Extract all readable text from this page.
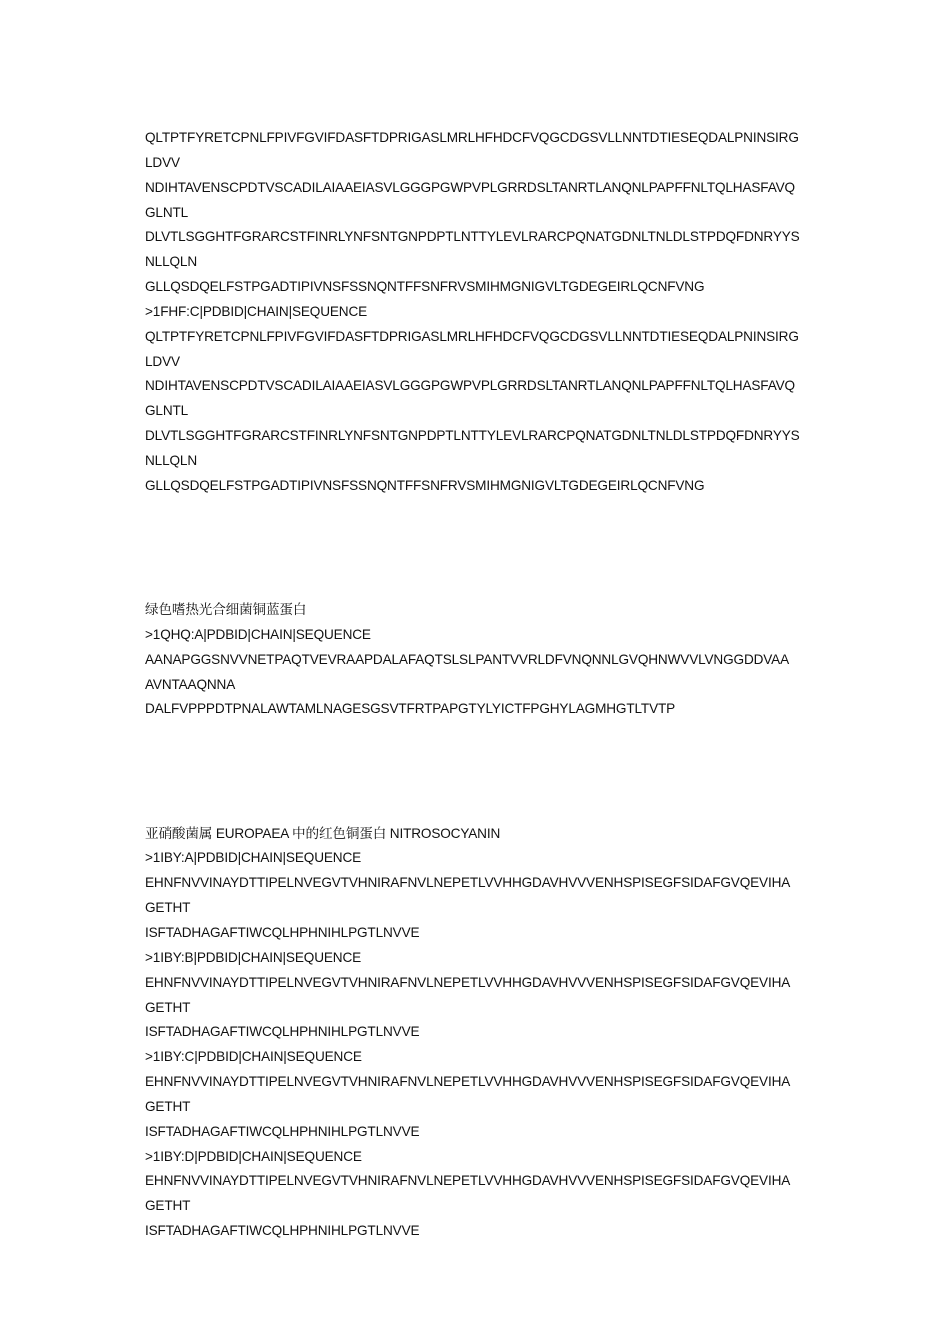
QLTPTFYRETCPNLFPIVFGVIFDASFTDPRIGASLMRLHFHDCFVQGCDGSVLLNNTDTIESEQDALPNINSIRG
LDVV
NDIHTAVENSCPDTVSCADILAIAAEIASVLGGGPGWPVPLGRRDSLTANRTLANQNLPAPFFNLTQLHASFAVQ
GLNTL
DLVTLSGGHTFGRARCSTFINRLYNFSNTGNPDPTLNTTYLEVLRARCPQNATGDNLTNLDLSTPDQFDNRYYS
NLLQLN
GLLQSDQELFSTPGADTIPIVNSFSSNQNTFFSNFRVSMIHMGNIGVLTGDEGEIRLQCNFVNG
>1FHF:C|PDBID|CHAIN|SEQUENCE
QLTPTFYRETCPNLFPIVFGVIFDASFTDPRIGASLMRLHFHDCFVQGCDGSVLLNNTDTIESEQDALPNINSIRG
LDVV
NDIHTAVENSCPDTVSCADILAIAAEIASVLGGGPGWPVPLGRRDSLTANRTLANQNLPAPFFNLTQLHASFAVQ
GLNTL
DLVTLSGGHTFGRARCSTFINRLYNFSNTGNPDPTLNTTYLEVLRARCPQNATGDNLTNLDLSTPDQFDNRYYS
NLLQLN
GLLQSDQELFSTPGADTIPIVNSFSSNQNTFFSNFRVSMIHMGNIGVLTGDEGEIRLQCNFVNG
绿色嗜热光合细菌铜蓝蛋白
>1QHQ:A|PDBID|CHAIN|SEQUENCE
AANAPGGSNVVNETPAQTVEVRAAPDALAFAQTSLSLPANTVVRLDFVNQNNLGVQHNWVVLVNGGDDVAA
AVNTAAQNNA
DALFVPPPDTPNALAWTAMLNAGESGSVTFRTPAPGTYLYICTFPGHYLAGMHGTLTVTP
亚硝酸菌属 EUROPAEA 中的红色铜蛋白 NITROSOCYANIN
>1IBY:A|PDBID|CHAIN|SEQUENCE
EHNFNVVINAYDTTIPELNVEGVTVHNIRAFNVLNEPETLVVHHGDAVHVVVENHSPISEGFSIDAFGVQEVIHA
GETHT
ISFTADHAGAFTIWCQLHPHNIHLPGTLNVVE
>1IBY:B|PDBID|CHAIN|SEQUENCE
EHNFNVVINAYDTTIPELNVEGVTVHNIRAFNVLNEPETLVVHHGDAVHVVVENHSPISEGFSIDAFGVQEVIHA
GETHT
ISFTADHAGAFTIWCQLHPHNIHLPGTLNVVE
>1IBY:C|PDBID|CHAIN|SEQUENCE
EHNFNVVINAYDTTIPELNVEGVTVHNIRAFNVLNEPETLVVHHGDAVHVVVENHSPISEGFSIDAFGVQEVIHA
GETHT
ISFTADHAGAFTIWCQLHPHNIHLPGTLNVVE
>1IBY:D|PDBID|CHAIN|SEQUENCE
EHNFNVVINAYDTTIPELNVEGVTVHNIRAFNVLNEPETLVVHHGDAVHVVVENHSPISEGFSIDAFGVQEVIHA
GETHT
ISFTADHAGAFTIWCQLHPHNIHLPGTLNVVE
